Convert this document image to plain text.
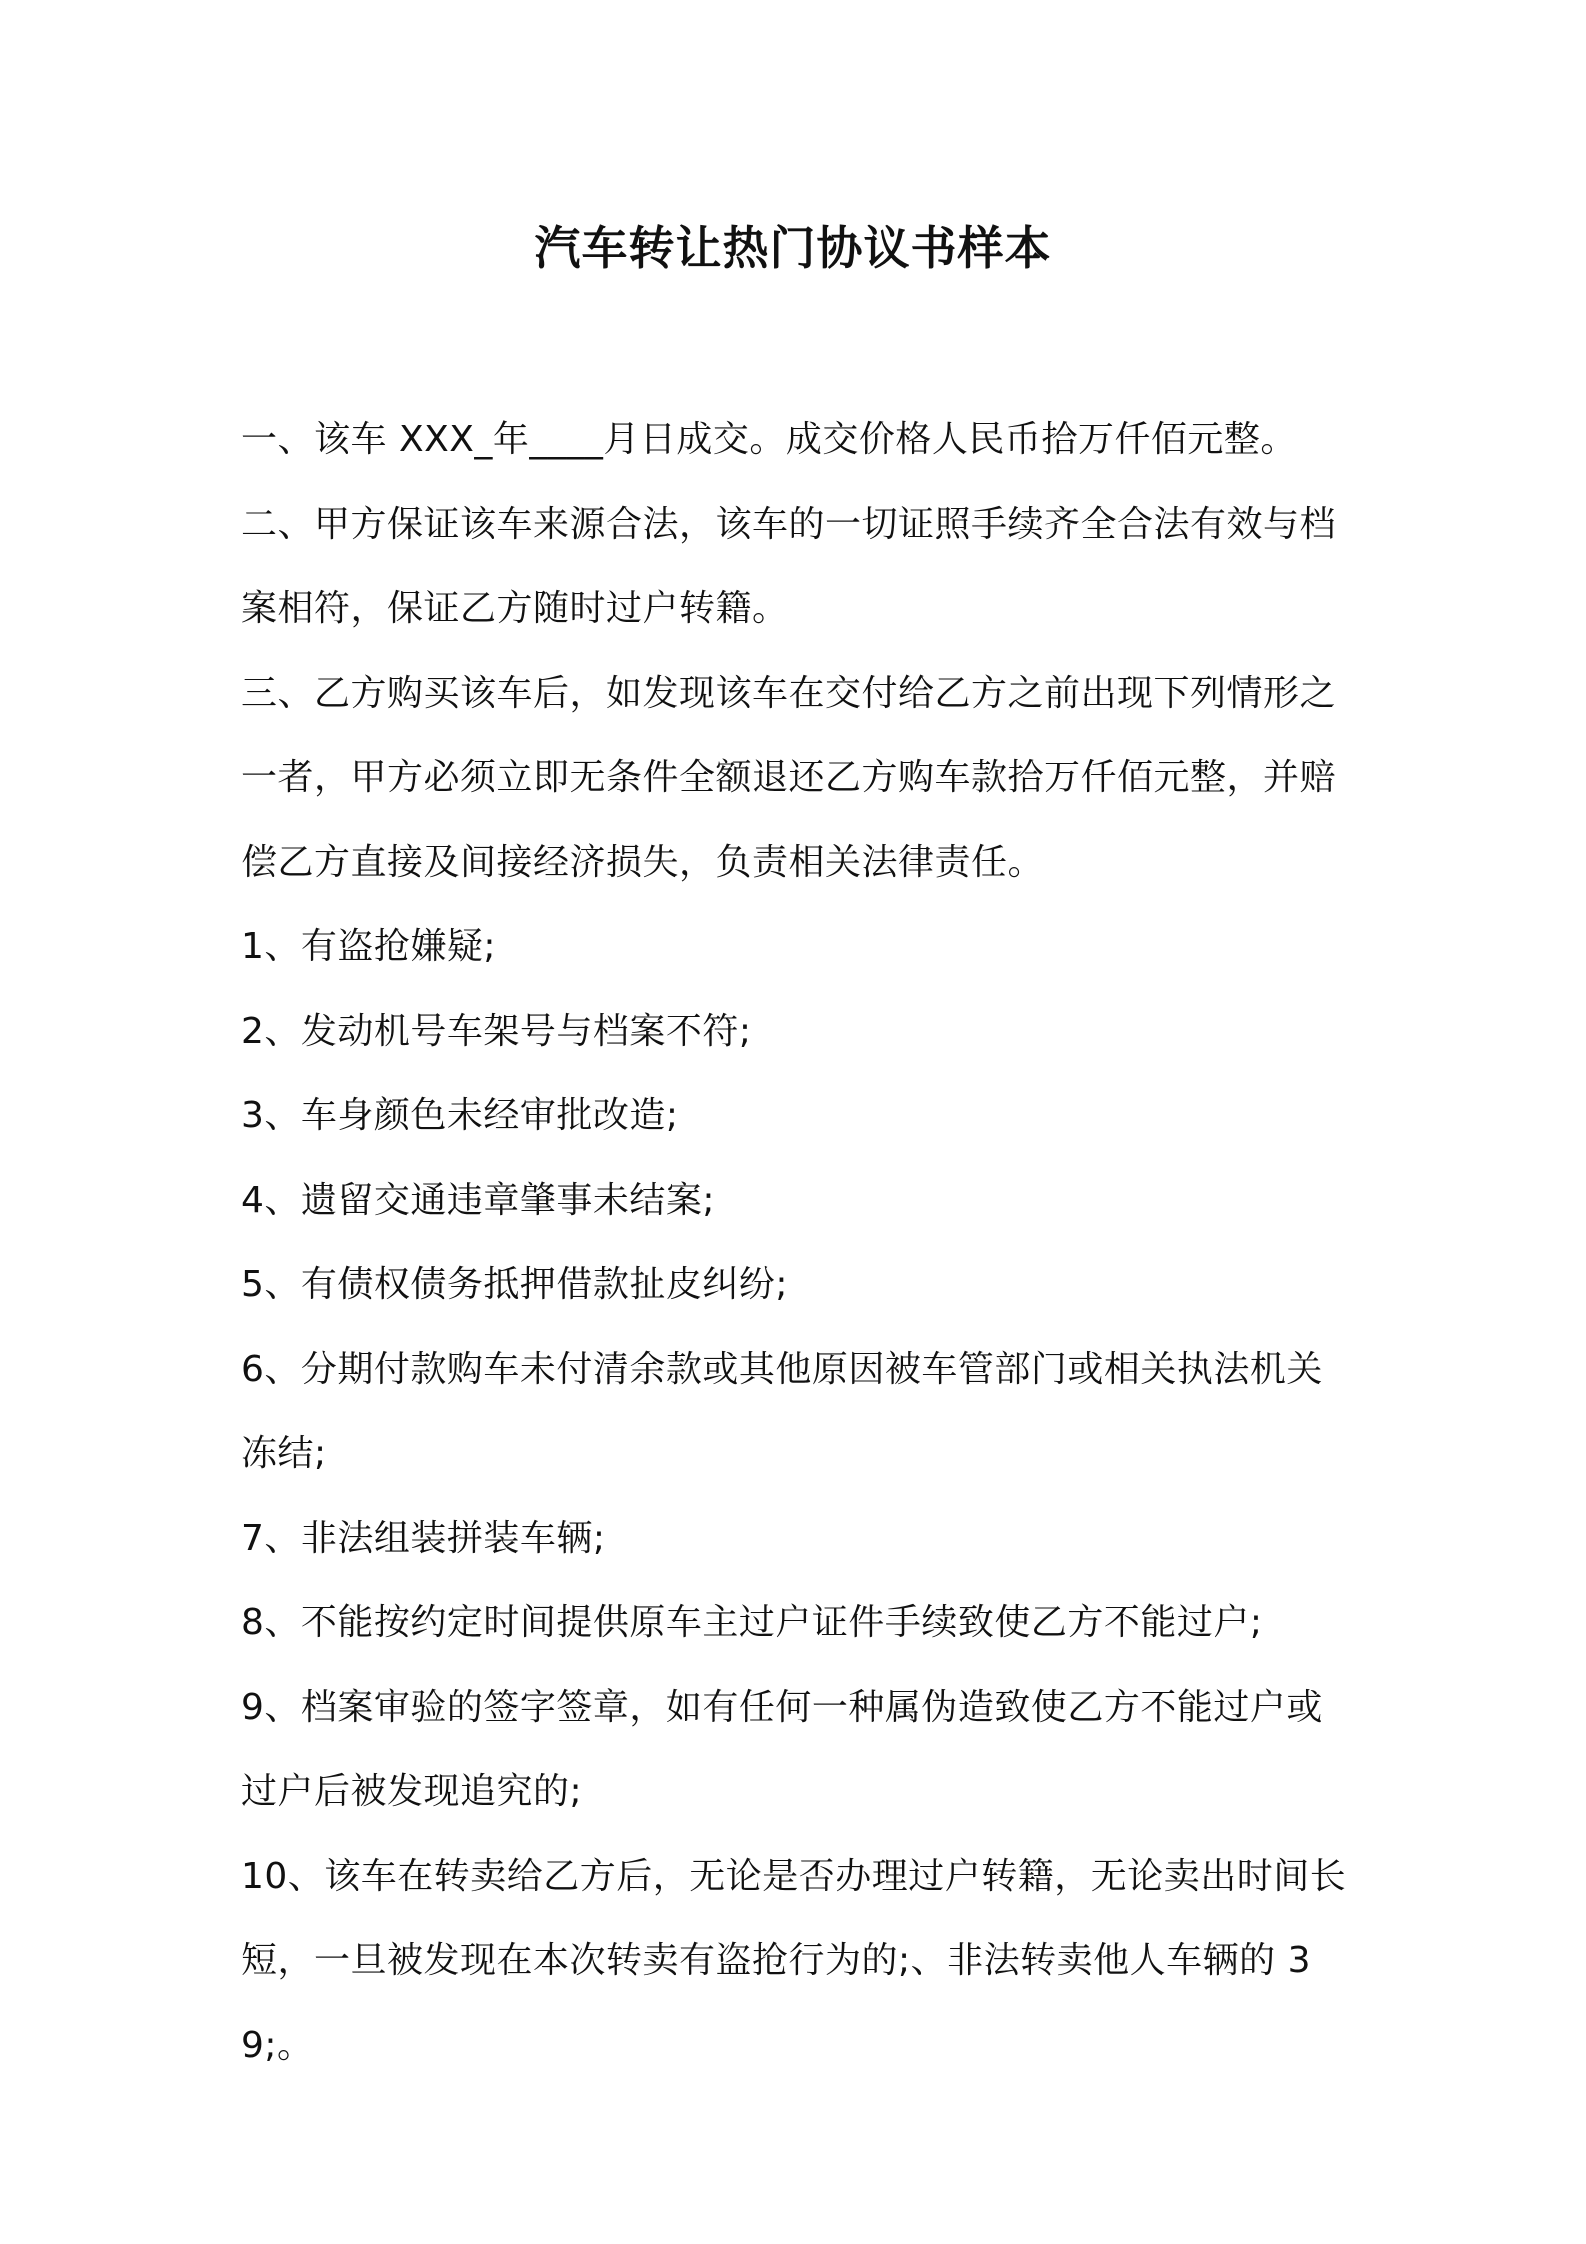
汽车转让热门协议书样本

一、该车 XXX_年____月日成交。成交价格人民币拾万仟佰元整。

二、甲方保证该车来源合法，该车的一切证照手续齐全合法有效与档案相符，保证乙方随时过户转籍。

三、乙方购买该车后，如发现该车在交付给乙方之前出现下列情形之一者，甲方必须立即无条件全额退还乙方购车款拾万仟佰元整，并赔偿乙方直接及间接经济损失，负责相关法律责任。

1、有盗抢嫌疑;

2、发动机号车架号与档案不符;

3、车身颜色未经审批改造;

4、遗留交通违章肇事未结案;

5、有债权债务抵押借款扯皮纠纷;

6、分期付款购车未付清余款或其他原因被车管部门或相关执法机关冻结;

7、非法组装拼装车辆;

8、不能按约定时间提供原车主过户证件手续致使乙方不能过户;

9、档案审验的签字签章，如有任何一种属伪造致使乙方不能过户或过户后被发现追究的;

10、该车在转卖给乙方后，无论是否办理过户转籍，无论卖出时间长短，一旦被发现在本次转卖有盗抢行为的;、非法转卖他人车辆的 39;。
